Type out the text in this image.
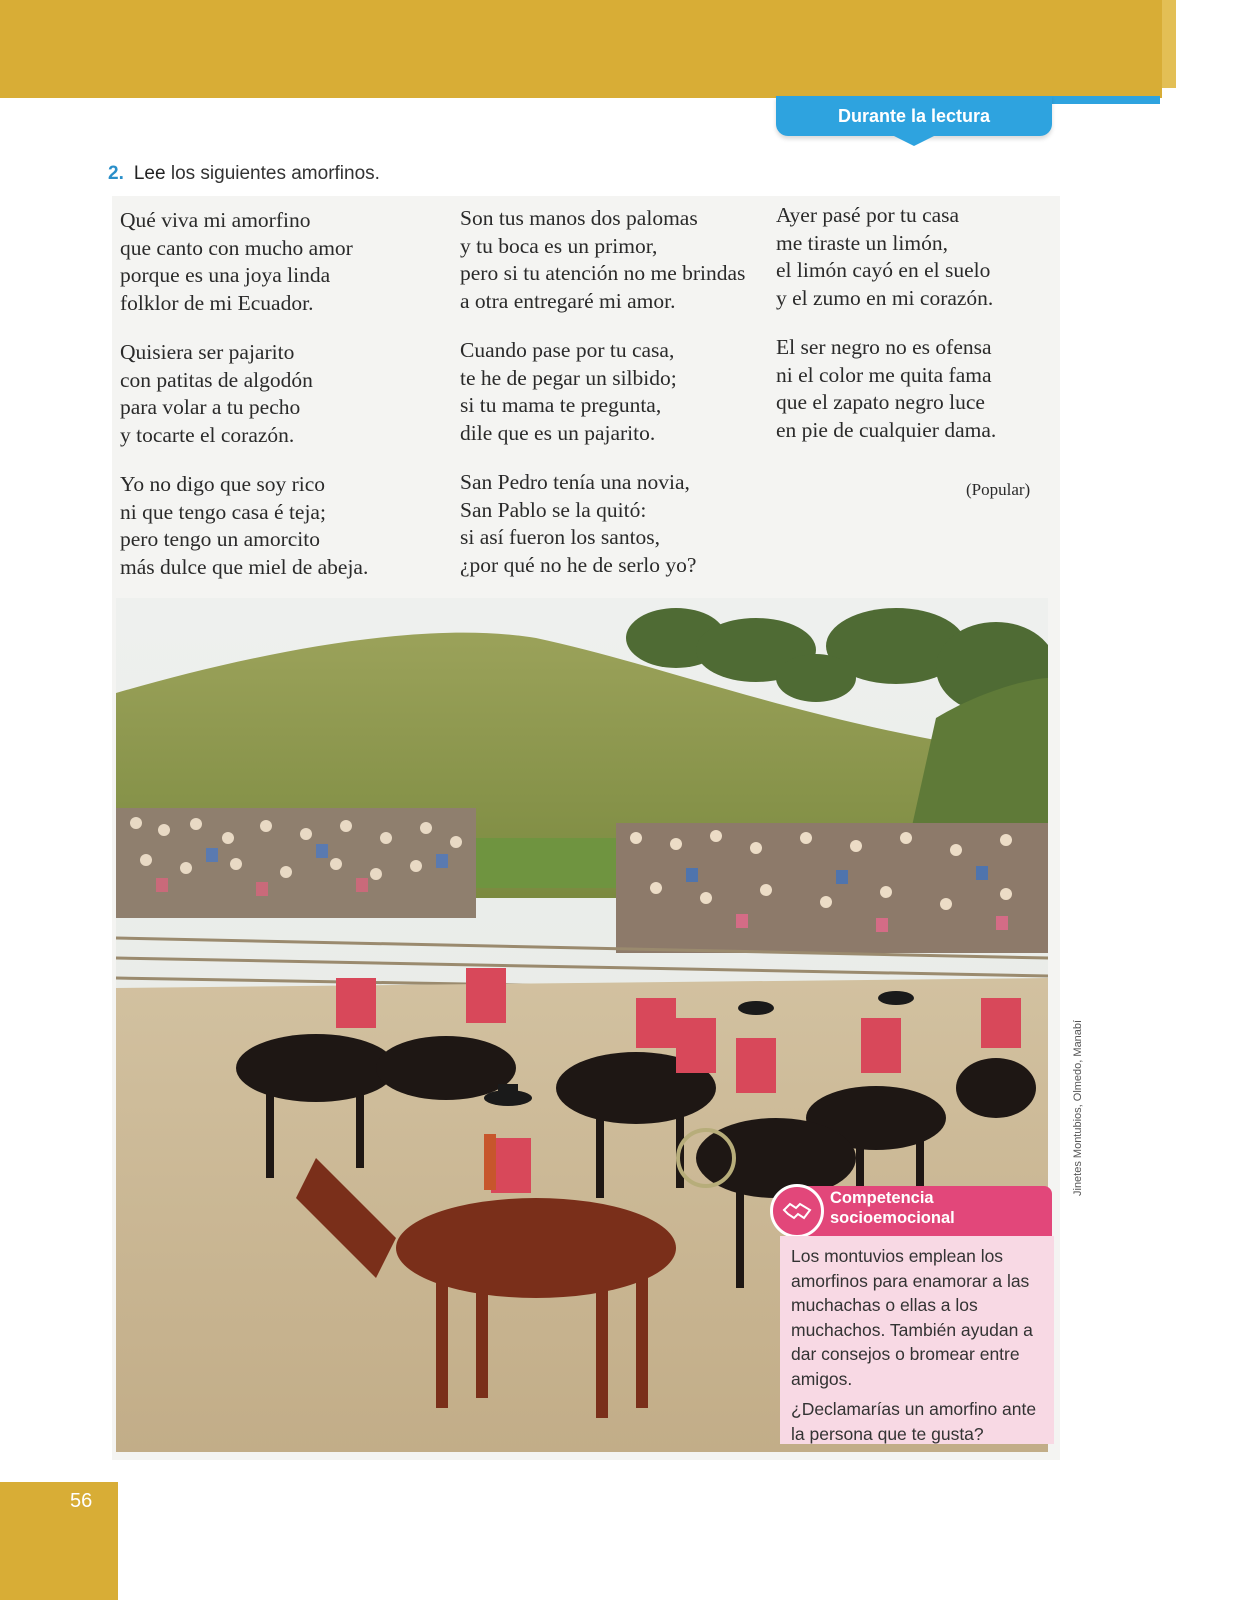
Durante la lectura
2. Lee los siguientes amorfinos.
Qué viva mi amorfino
que canto con mucho amor
porque es una joya linda
folklor de mi Ecuador.
Quisiera ser pajarito
con patitas de algodón
para volar a tu pecho
y tocarte el corazón.
Yo no digo que soy rico
ni que tengo casa é teja;
pero tengo un amorcito
más dulce que miel de abeja.
Son tus manos dos palomas
y tu boca es un primor,
pero si tu atención no me brindas
a otra entregaré mi amor.
Cuando pase por tu casa,
te he de pegar un silbido;
si tu mama te pregunta,
dile que es un pajarito.
San Pedro tenía una novia,
San Pablo se la quitó:
si así fueron los santos,
¿por qué no he de serlo yo?
Ayer pasé por tu casa
me tiraste un limón,
el limón cayó en el suelo
y el zumo en mi corazón.
El ser negro no es ofensa
ni el color me quita fama
que el zapato negro luce
en pie de cualquier dama.
(Popular)
Jinetes Montubios, Olmedo, Manabí
Competencia
socioemocional

Los montuvios emplean los amorfinos para enamorar a las muchachas o ellas a los muchachos. También ayudan a dar consejos o bromear entre amigos.

¿Declamarías un amorfino ante la persona que te gusta?

56
